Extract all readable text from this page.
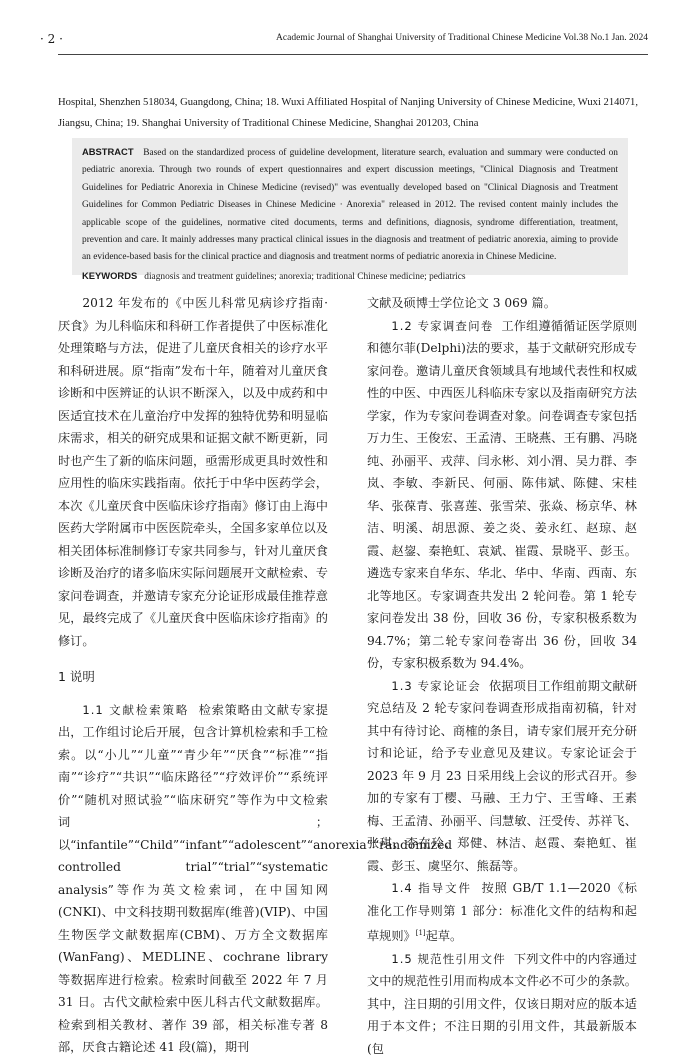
· 2 ·	Academic Journal of Shanghai University of Traditional Chinese Medicine Vol.38 No.1 Jan. 2024
Hospital, Shenzhen 518034, Guangdong, China; 18. Wuxi Affiliated Hospital of Nanjing University of Chinese Medicine, Wuxi 214071, Jiangsu, China; 19. Shanghai University of Traditional Chinese Medicine, Shanghai 201203, China
ABSTRACT Based on the standardized process of guideline development, literature search, evaluation and summary were conducted on pediatric anorexia. Through two rounds of expert questionnaires and expert discussion meetings, "Clinical Diagnosis and Treatment Guidelines for Pediatric Anorexia in Chinese Medicine (revised)" was eventually developed based on "Clinical Diagnosis and Treatment Guidelines for Common Pediatric Diseases in Chinese Medicine · Anorexia" released in 2012. The revised content mainly includes the applicable scope of the guidelines, normative cited documents, terms and definitions, diagnosis, syndrome differentiation, treatment, prevention and care. It mainly addresses many practical clinical issues in the diagnosis and treatment of pediatric anorexia, aiming to provide an evidence-based basis for the clinical practice and diagnosis and treatment norms of pediatric anorexia in Chinese Medicine.
KEYWORDS diagnosis and treatment guidelines; anorexia; traditional Chinese medicine; pediatrics

2012 年发布的《中医儿科常见病诊疗指南·厌食》为儿科临床和科研工作者提供了中医标准化处理策略与方法，促进了儿童厌食相关的诊疗水平和科研进展。原“指南”发布十年，随着对儿童厌食诊断和中医辨证的认识不断深入，以及中成药和中医适宜技术在儿童治疗中发挥的独特优势和明显临床需求，相关的研究成果和证据文献不断更新，同时也产生了新的临床问题，亟需形成更具时效性和应用性的临床实践指南。依托于中华中医药学会，本次《儿童厌食中医临床诊疗指南》修订由上海中医药大学附属市中医医院牵头，全国多家单位以及相关团体标准制修订专家共同参与，针对儿童厌食诊断及治疗的诸多临床实际问题展开文献检索、专家问卷调查，并邀请专家充分论证形成最佳推荐意见，最终完成了《儿童厌食中医临床诊疗指南》的修订。

1 说明

1.1 文献检索策略 检索策略由文献专家提出，工作组讨论后开展，包含计算机检索和手工检索。以“小儿”“儿童”“青少年”“厌食”“标准”“指南”“诊疗”“共识”“临床路径”“疗效评价”“系统评价”“随机对照试验”“临床研究”等作为中文检索词；以“infantile”“Child”“infant”“adolescent”“anorexia”“randomized controlled trial”“trial”“systematic analysis”等作为英文检索词，在中国知网(CNKI)、中文科技期刊数据库(维普)(VIP)、中国生物医学文献数据库(CBM)、万方全文数据库(WanFang)、MEDLINE、cochrane library 等数据库进行检索。检索时间截至 2022 年 7 月 31 日。古代文献检索中医儿科古代文献数据库。检索到相关教材、著作 39 部，相关标准专著 8 部，厌食古籍论述 41 段(篇)，期刊

文献及硕博士学位论文 3 069 篇。

1.2 专家调查问卷 工作组遵循循证医学原则和德尔菲(Delphi)法的要求，基于文献研究形成专家问卷。邀请儿童厌食领域具有地域代表性和权威性的中医、中西医儿科临床专家以及指南研究方法学家，作为专家问卷调查对象。问卷调查专家包括万力生、王俊宏、王孟清、王晓燕、王有鹏、冯晓纯、孙丽平、戎萍、闫永彬、刘小渭、吴力群、李岚、李敏、李新民、何丽、陈伟斌、陈健、宋桂华、张葆青、张喜莲、张雪荣、张焱、杨京华、林洁、明溪、胡思源、姜之炎、姜永红、赵琼、赵霞、赵鋆、秦艳虹、袁斌、崔霞、景晓平、彭玉。遴选专家来自华东、华北、华中、华南、西南、东北等地区。专家调查共发出 2 轮问卷。第 1 轮专家问卷发出 38 份，回收 36 份，专家积极系数为 94.7%；第二轮专家问卷寄出 36 份，回收 34 份，专家积极系数为 94.4%。

1.3 专家论证会 依据项目工作组前期文献研究总结及 2 轮专家问卷调查形成指南初稿，针对其中有待讨论、商榷的条目，请专家们展开充分研讨和论证，给予专业意见及建议。专家论证会于 2023 年 9 月 23 日采用线上会议的形式召开。参加的专家有丁樱、马融、王力宁、王雪峰、王素梅、王孟清、孙丽平、闫慧敏、汪受传、苏祥飞、张琪、李在玲、郑健、林洁、赵霞、秦艳虹、崔霞、彭玉、虞坚尔、熊磊等。

1.4 指导文件 按照 GB/T 1.1—2020《标准化工作导则第 1 部分：标准化文件的结构和起草规则》[1]起草。

1.5 规范性引用文件 下列文件中的内容通过文中的规范性引用而构成本文件必不可少的条款。其中，注日期的引用文件，仅该日期对应的版本适用于本文件；不注日期的引用文件，其最新版本(包
